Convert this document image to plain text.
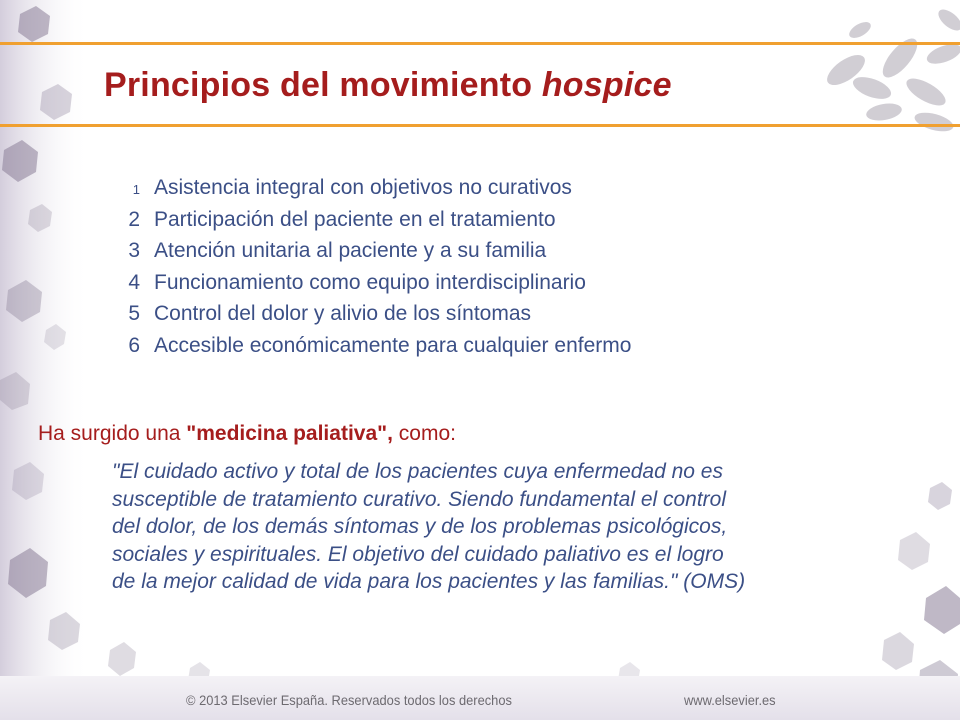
Principios del movimiento hospice
1 Asistencia integral con objetivos no curativos
2 Participación del paciente en el tratamiento
3 Atención unitaria al paciente y a su familia
4 Funcionamiento como equipo interdisciplinario
5 Control del dolor y alivio de los síntomas
6 Accesible económicamente para cualquier enfermo

Ha surgido una "medicina paliativa", como:

"El cuidado activo y total de los pacientes cuya enfermedad no es
susceptible de tratamiento curativo. Siendo fundamental el control
del dolor, de los demás síntomas y de los problemas psicológicos,
sociales y espirituales. El objetivo del cuidado paliativo es el logro
de la mejor calidad de vida para los pacientes y las familias." (OMS)

© 2013 Elsevier España. Reservados todos los derechos	www.elsevier.es
